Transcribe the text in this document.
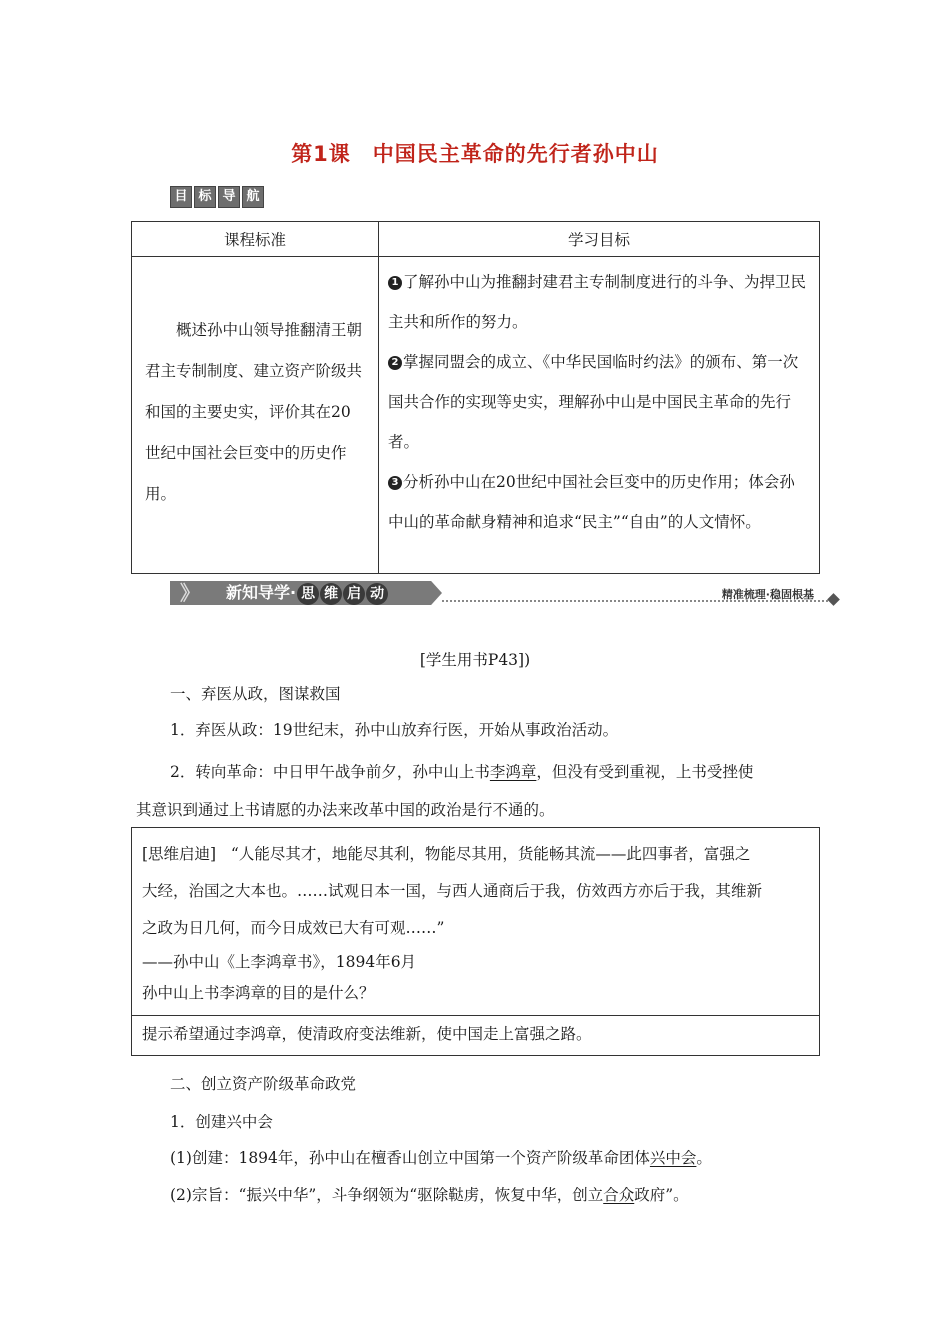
第1课　中国民主革命的先行者孙中山
目 标 导 航
课程标准	学习目标

概述孙中山领导推翻清王朝君主专制制度、建立资产阶级共和国的主要史实，评价其在20世纪中国社会巨变中的历史作用。	1 了解孙中山为推翻封建君主专制制度进行的斗争、为捍卫民主共和所作的努力。
2 掌握同盟会的成立、《中华民国临时约法》的颁布、第一次国共合作的实现等史实，理解孙中山是中国民主革命的先行者。
3 分析孙中山在20世纪中国社会巨变中的历史作用；体会孙中山的革命献身精神和追求“民主”“自由”的人文情怀。
》 新知导学· 思 维 启 动	精准梳理·稳固根基
[学生用书P43])
一、弃医从政，图谋救国
1．弃医从政：19世纪末，孙中山放弃行医，开始从事政治活动。
2．转向革命：中日甲午战争前夕，孙中山上书李鸿章，但没有受到重视，上书受挫使
其意识到通过上书请愿的办法来改革中国的政治是行不通的。
[思维启迪] “人能尽其才，地能尽其利，物能尽其用，货能畅其流——此四事者，富强之
大经，治国之大本也。……试观日本一国，与西人通商后于我，仿效西方亦后于我，其维新
之政为日几何，而今日成效已大有可观……”
——孙中山《上李鸿章书》，1894年6月
孙中山上书李鸿章的目的是什么？
提示希望通过李鸿章，使清政府变法维新，使中国走上富强之路。
二、创立资产阶级革命政党
1．创建兴中会
(1)创建：1894年，孙中山在檀香山创立中国第一个资产阶级革命团体兴中会。
(2)宗旨：“振兴中华”，斗争纲领为“驱除鞑虏，恢复中华，创立合众政府”。
